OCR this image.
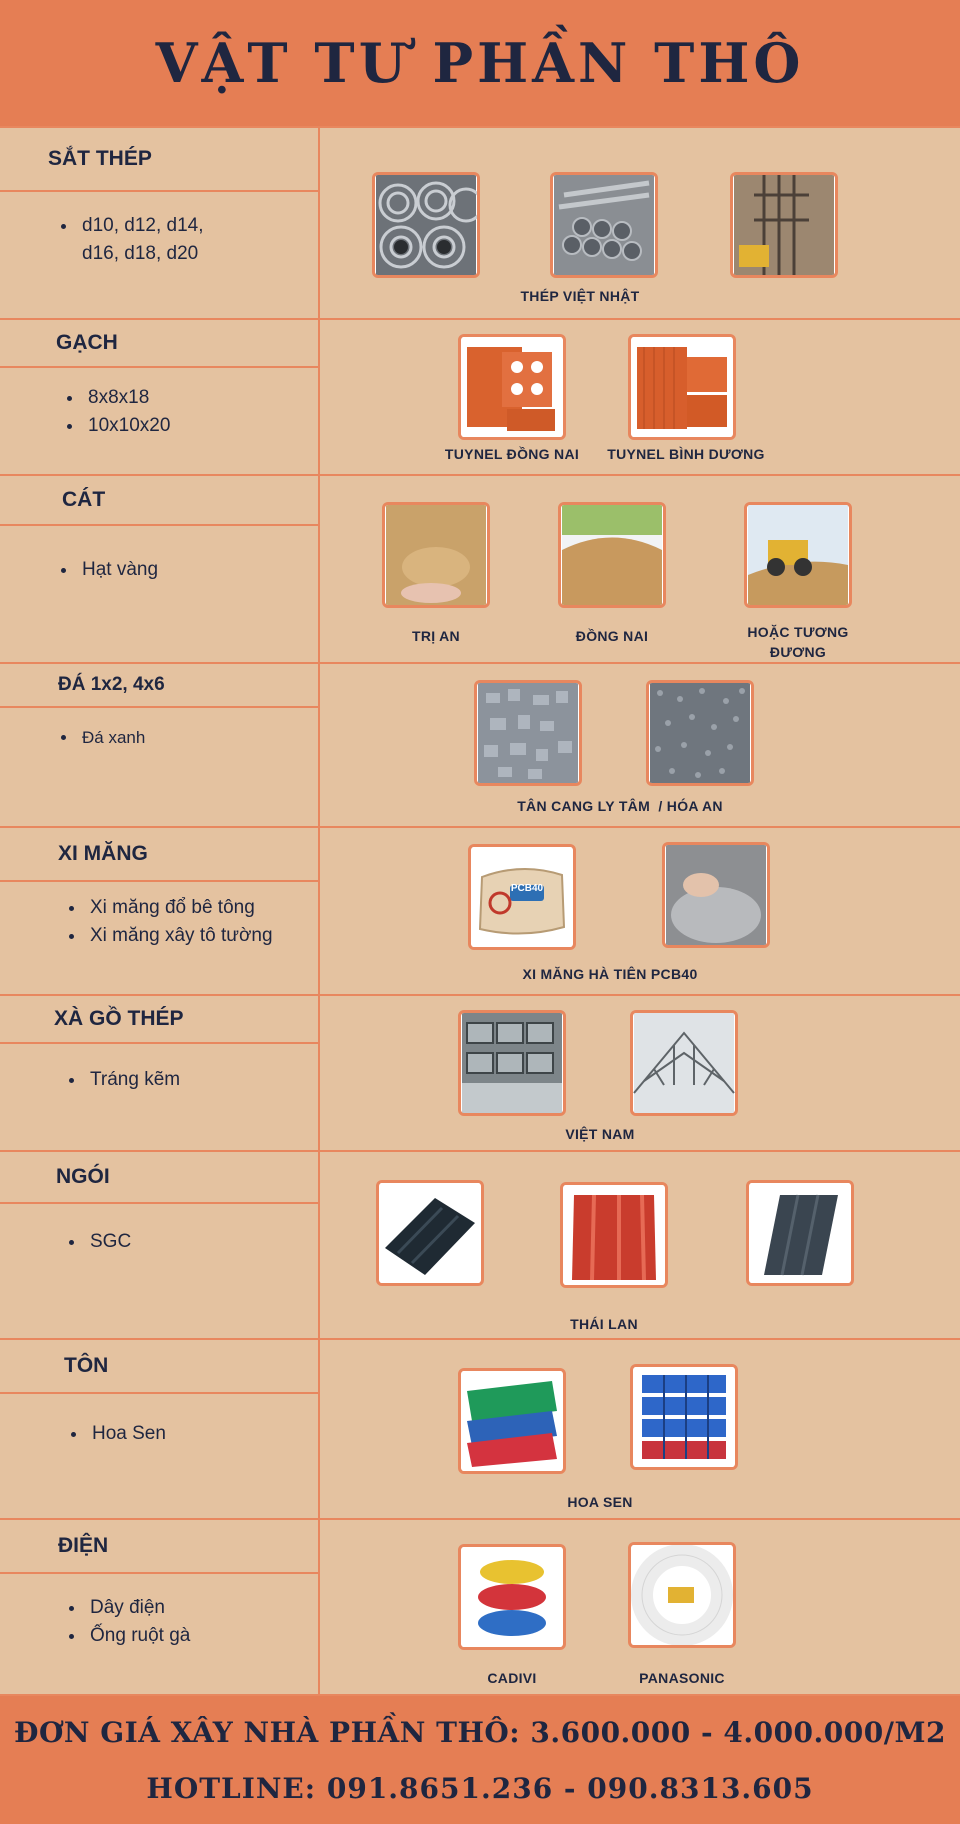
VẬT TƯ PHẦN THÔ
SẮT THÉP
• d10, d12, d14,
d16, d18, d20
THÉP VIỆT NHẬT
GẠCH
• 8x8x18
• 10x10x20
TUYNEL ĐỒNG NAI TUYNEL BÌNH DƯƠNG
CÁT
• Hạt vàng
TRỊ AN	ĐỒNG NAI	HOẶC TƯƠNG
ĐƯƠNG
ĐÁ 1x2, 4x6
• Đá xanh
TÂN CANG LY TÂM  / HÓA AN
XI MĂNG
• Xi măng đổ bê tông
• Xi măng xây tô tường
PCB40
XI MĂNG HÀ TIÊN PCB40
XÀ GỒ THÉP
• Tráng kẽm
VIỆT NAM
NGÓI
• SGC
THÁI LAN
TÔN
• Hoa Sen
HOA SEN
ĐIỆN
• Dây điện
• Ống ruột gà
CADIVI	PANASONIC
ĐƠN GIÁ XÂY NHÀ PHẦN THÔ: 3.600.000 - 4.000.000/M2
HOTLINE: 091.8651.236 - 090.8313.605
